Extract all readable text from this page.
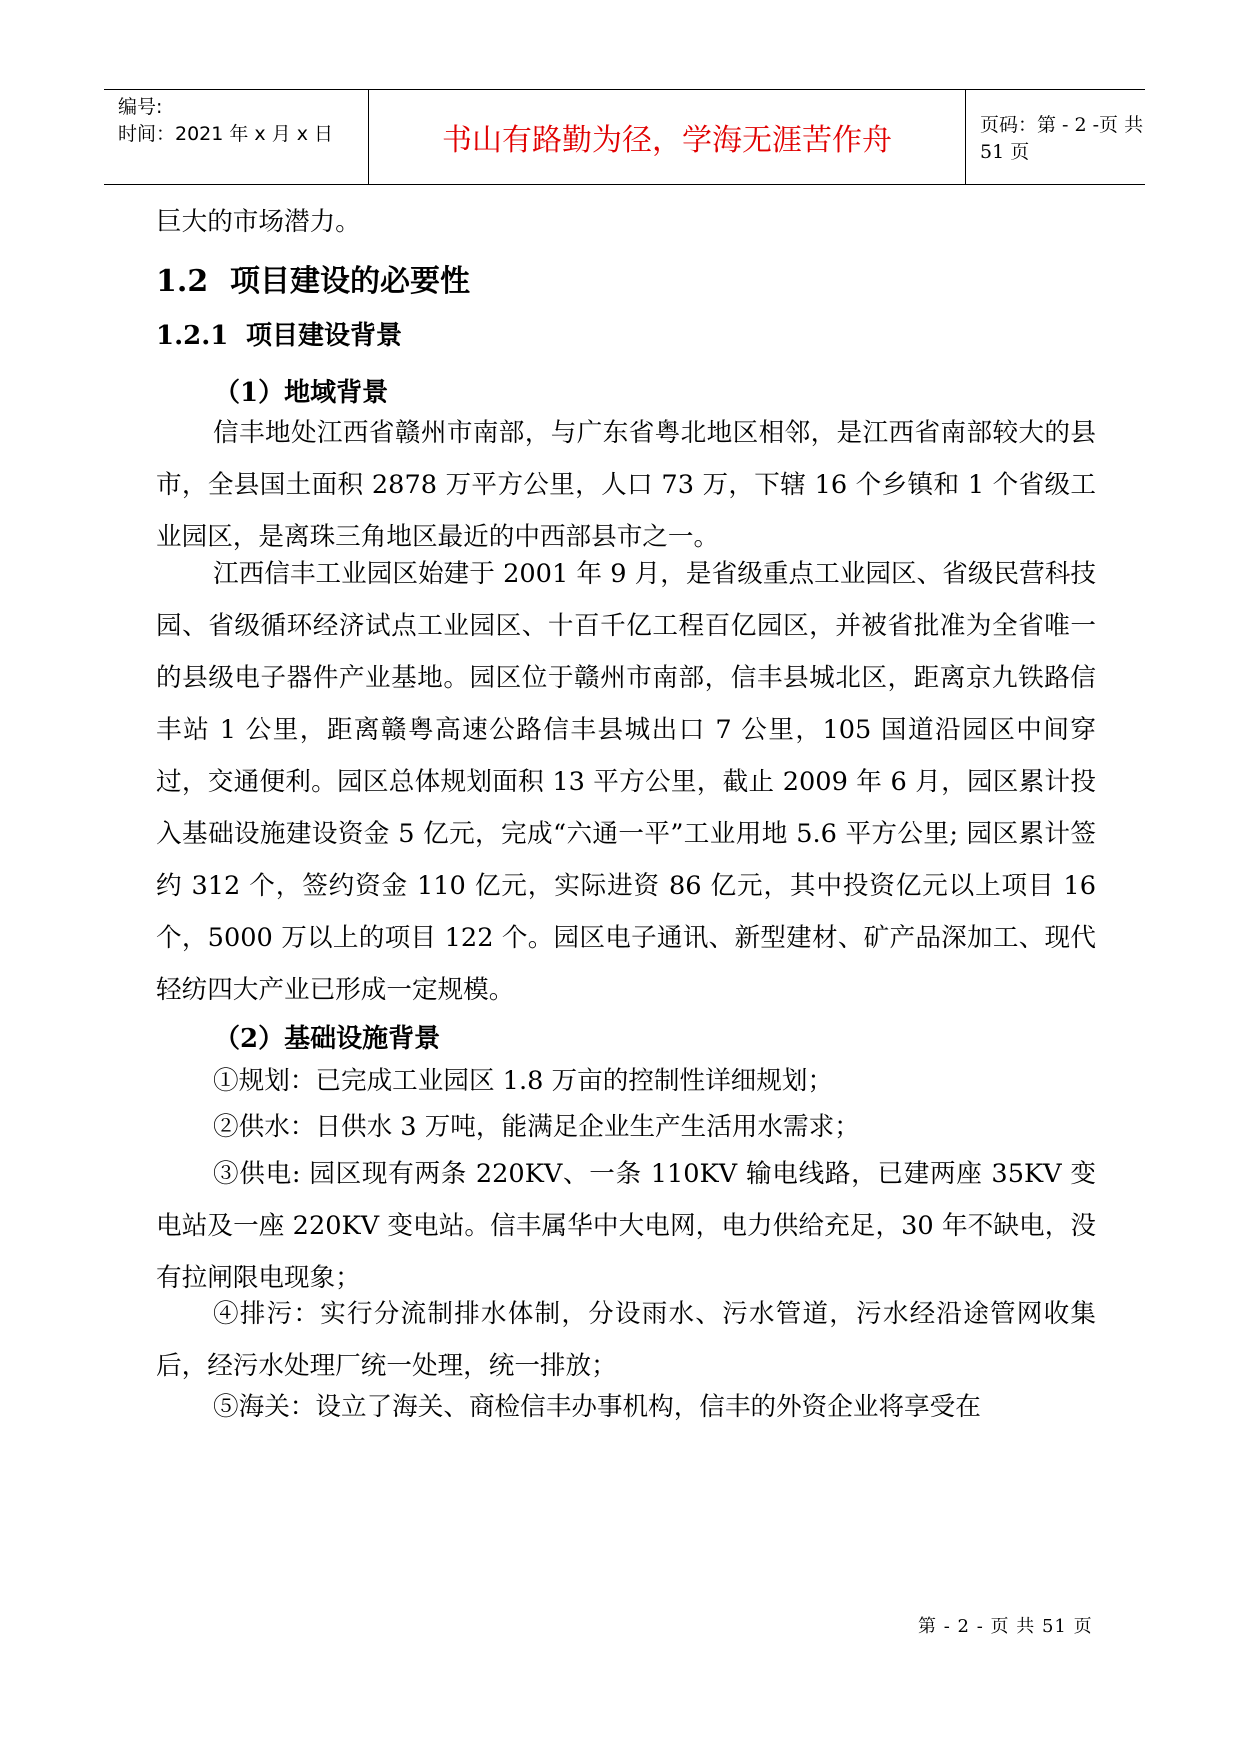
编号:
时间：2021 年 x 月 x 日	书山有路勤为径，学海无涯苦作舟	页码：第 - 2 -页 共 51 页
巨大的市场潜力。
1.2 项目建设的必要性
1.2.1 项目建设背景
（1）地域背景
信丰地处江西省赣州市南部，与广东省粤北地区相邻，是江西省南部较大的县市，全县国土面积 2878 万平方公里，人口 73 万，下辖 16 个乡镇和 1 个省级工业园区，是离珠三角地区最近的中西部县市之一。
江西信丰工业园区始建于 2001 年 9 月，是省级重点工业园区、省级民营科技园、省级循环经济试点工业园区、十百千亿工程百亿园区，并被省批准为全省唯一的县级电子器件产业基地。园区位于赣州市南部，信丰县城北区，距离京九铁路信丰站 1 公里，距离赣粤高速公路信丰县城出口 7 公里，105 国道沿园区中间穿过，交通便利。园区总体规划面积 13 平方公里，截止 2009 年 6 月，园区累计投入基础设施建设资金 5 亿元，完成“六通一平”工业用地 5.6 平方公里; 园区累计签约 312 个，签约资金 110 亿元，实际进资 86 亿元，其中投资亿元以上项目 16 个，5000 万以上的项目 122 个。园区电子通讯、新型建材、矿产品深加工、现代轻纺四大产业已形成一定规模。
（2）基础设施背景
①规划：已完成工业园区 1.8 万亩的控制性详细规划；
②供水：日供水 3 万吨，能满足企业生产生活用水需求；
③供电: 园区现有两条 220KV、一条 110KV 输电线路，已建两座 35KV 变电站及一座 220KV 变电站。信丰属华中大电网，电力供给充足，30 年不缺电，没有拉闸限电现象；
④排污：实行分流制排水体制，分设雨水、污水管道，污水经沿途管网收集后，经污水处理厂统一处理，统一排放；
⑤海关：设立了海关、商检信丰办事机构，信丰的外资企业将享受在
第 - 2 - 页 共 51 页
